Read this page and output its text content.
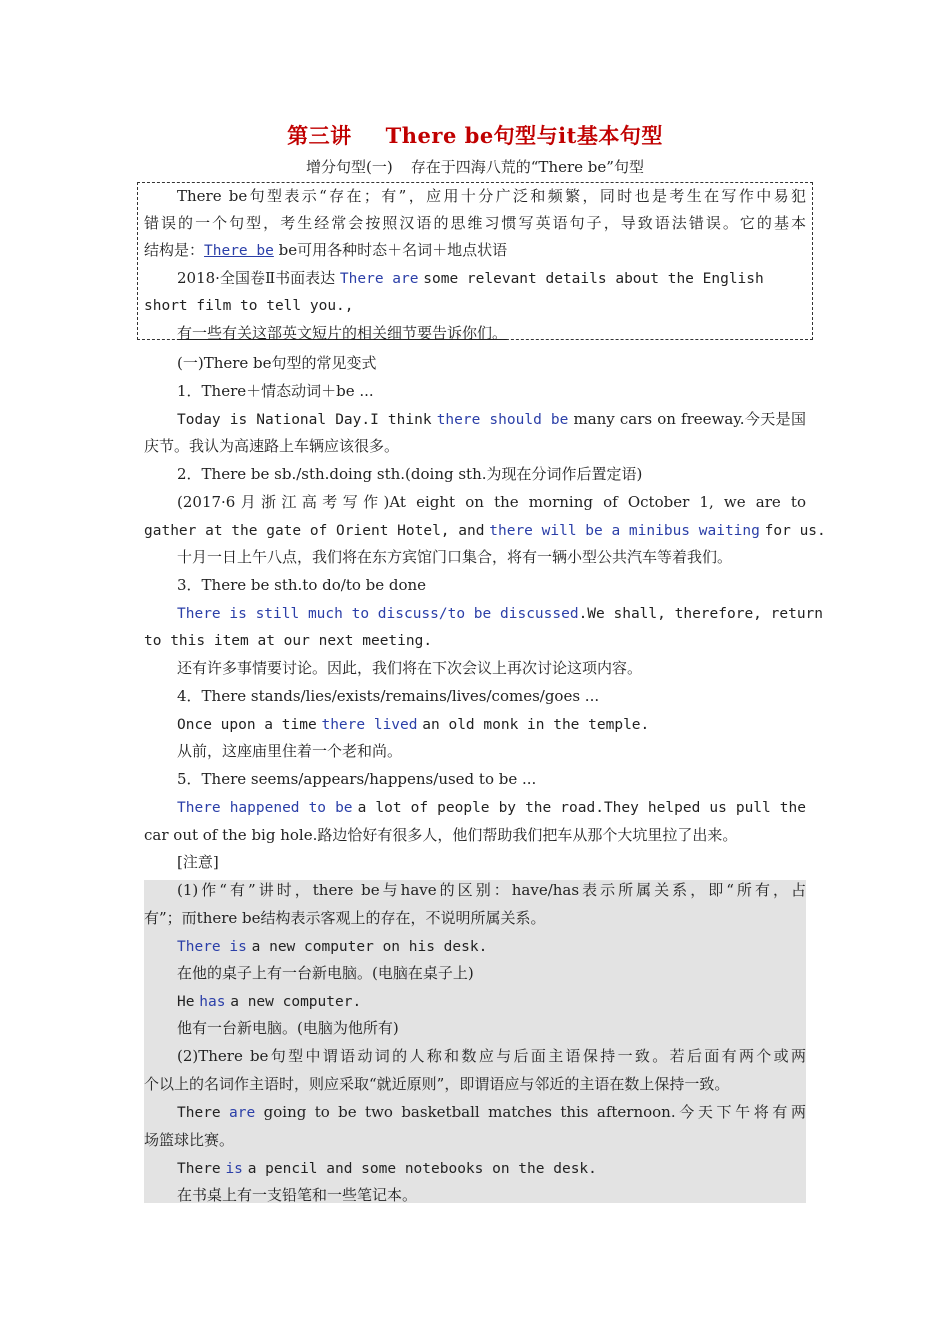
第三讲 There be句型与it基本句型
增分句型(一) 存在于四海八荒的“There be”句型
There be句型表示“存在；有”，应用十分广泛和频繁，同时也是考生在写作中易犯
错误的一个句型，考生经常会按照汉语的思维习惯写英语句子，导致语法错误。它的基本
结构是：There be be可用各种时态＋名词＋地点状语
2018·全国卷Ⅱ书面表达 There are some relevant details about the English
short film to tell you.,
有一些有关这部英文短片的相关细节要告诉你们。
(一)There be句型的常见变式
1．There＋情态动词＋be ...
Today is National Day.I think there should be many cars on freeway.今天是国
庆节。我认为高速路上车辆应该很多。
2．There be sb./sth.doing sth.(doing sth.为现在分词作后置定语)
(2017·6月浙江高考写作)At eight on the morning of October 1, we are to
gather at the gate of Orient Hotel, and there will be a minibus waiting for us.
十月一日上午八点，我们将在东方宾馆门口集合，将有一辆小型公共汽车等着我们。
3．There be sth.to do/to be done
There is still much to discuss/to be discussed.We shall, therefore, return
to this item at our next meeting.
还有许多事情要讨论。因此，我们将在下次会议上再次讨论这项内容。
4．There stands/lies/exists/remains/lives/comes/goes ...
Once upon a time there lived an old monk in the temple.
从前，这座庙里住着一个老和尚。
5．There seems/appears/happens/used to be ...
There happened to be a lot of people by the road.They helped us pull the
car out of the big hole.路边恰好有很多人，他们帮助我们把车从那个大坑里拉了出来。
[注意]
(1)作“有”讲时，there be与have的区别：have/has表示所属关系，即“所有，占
有”；而there be结构表示客观上的存在，不说明所属关系。
There is a new computer on his desk.
在他的桌子上有一台新电脑。(电脑在桌子上)
He has a new computer.
他有一台新电脑。(电脑为他所有)
(2)There be句型中谓语动词的人称和数应与后面主语保持一致。若后面有两个或两
个以上的名词作主语时，则应采取“就近原则”，即谓语应与邻近的主语在数上保持一致。
There are going to be two basketball matches this afternoon.今天下午将有两
场篮球比赛。
There is a pencil and some notebooks on the desk.
在书桌上有一支铅笔和一些笔记本。
